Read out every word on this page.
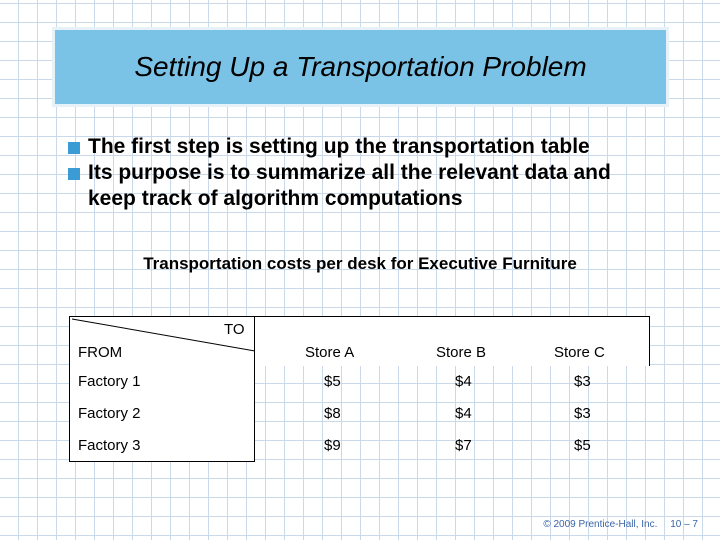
Setting Up a Transportation Problem
The first step is setting up the transportation table
Its purpose is to summarize all the relevant data and keep track of algorithm computations
Transportation costs per desk for Executive Furniture
TO
FROM	Store A	Store B	Store C
Factory 1	$5	$4	$3
Factory 2	$8	$4	$3
Factory 3	$9	$7	$5
© 2009 Prentice-Hall, Inc. 10 – 7
